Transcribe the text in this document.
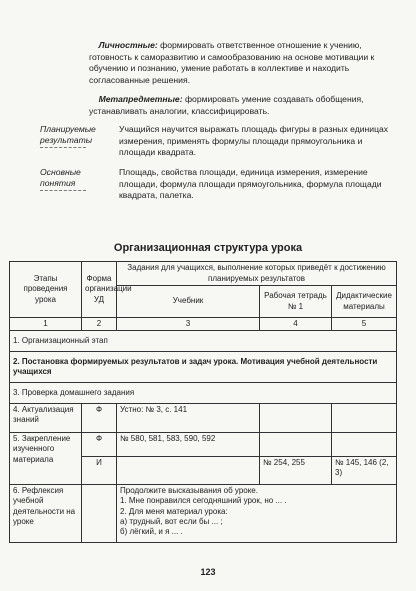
Личностные: формировать ответственное отношение к учению, готовность к саморазвитию и самообразованию на основе мотивации к обучению и познанию, умение работать в коллективе и находить согласованные решения.

Метапредметные: формировать умение создавать обобщения, устанавливать аналогии, классифицировать.

Планируемые результаты
Учащийся научится выражать площадь фигуры в разных единицах измерения, применять формулы площади прямоугольника и площади квадрата.
Основные понятия
Площадь, свойства площади, единица измерения, измерение площади, формула площади прямоугольника, формула площади квадрата, палетка.
Организационная структура урока
Этапы проведения урока	Форма организации УД	Задания для учащихся, выполнение которых приведёт к достижению планируемых результатов		
		Учебник	Рабочая тетрадь № 1	Дидактические материалы
1	2	3	4	5
1. Организационный этап				
2. Постановка формируемых результатов и задач урока. Мотивация учебной деятельности учащихся				
3. Проверка домашнего задания				
4. Актуализация знаний	Ф	Устно: № 3, с. 141		
5. Закрепление изученного материала	Ф	№ 580, 581, 583, 590, 592		
	И		№ 254, 255	№ 145, 146 (2, 3)
6. Рефлексия учебной деятельности на уроке		Продолжите высказывания об уроке.
1. Мне понравился сегодняшний урок, но ... .
2. Для меня материал урока:
а) трудный, вот если бы ... ;
б) лёгкий, и я ... .		
123
